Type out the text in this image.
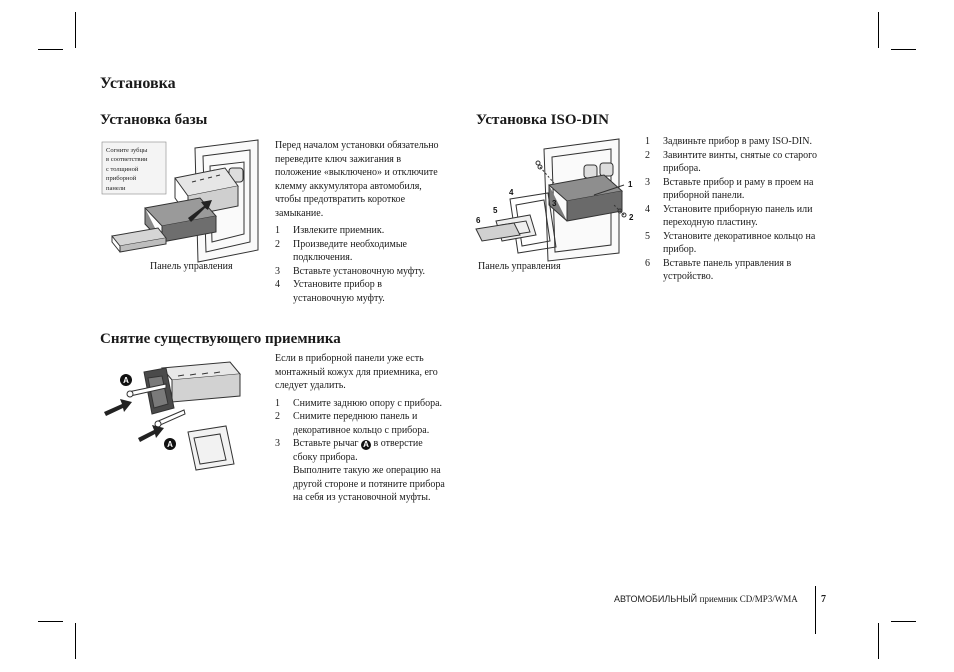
Установка
Установка базы
Согните зубцы
в соответствии
с толщиной
приборной
панели
Панель управления
Перед началом установки обязательно
переведите ключ зажигания в
положение «выключено» и отключите
клемму аккумулятора автомобиля,
чтобы предотвратить короткое
замыкание.
1 Извлеките приемник.
2 Произведите необходимые
подключения.
3 Вставьте установочную муфту.
4 Установите прибор в
установочную муфту.
Установка ISO-DIN
1
2
3
4
5
6
Панель управления
1 Задвиньте прибор в раму ISO-DIN.
2 Завинтите винты, снятые со старого
прибора.
3 Вставьте прибор и раму в проем на
приборной панели.
4 Установите приборную панель или
переходную пластину.
5 Установите декоративное кольцо на
прибор.
6 Вставьте панель управления в
устройство.
Снятие существующего приемника
A
A
Если в приборной панели уже есть
монтажный кожух для приемника, его
следует удалить.
1 Снимите заднюю опору с прибора.
2 Снимите переднюю панель и
декоративное кольцо с прибора.
3 Вставьте рычаг A в отверстие
сбоку прибора.
Выполните такую же операцию на
другой стороне и потяните прибора
на себя из установочной муфты.
АВТОМОБИЛЬНЫЙ приемник CD/MP3/WMA 7
